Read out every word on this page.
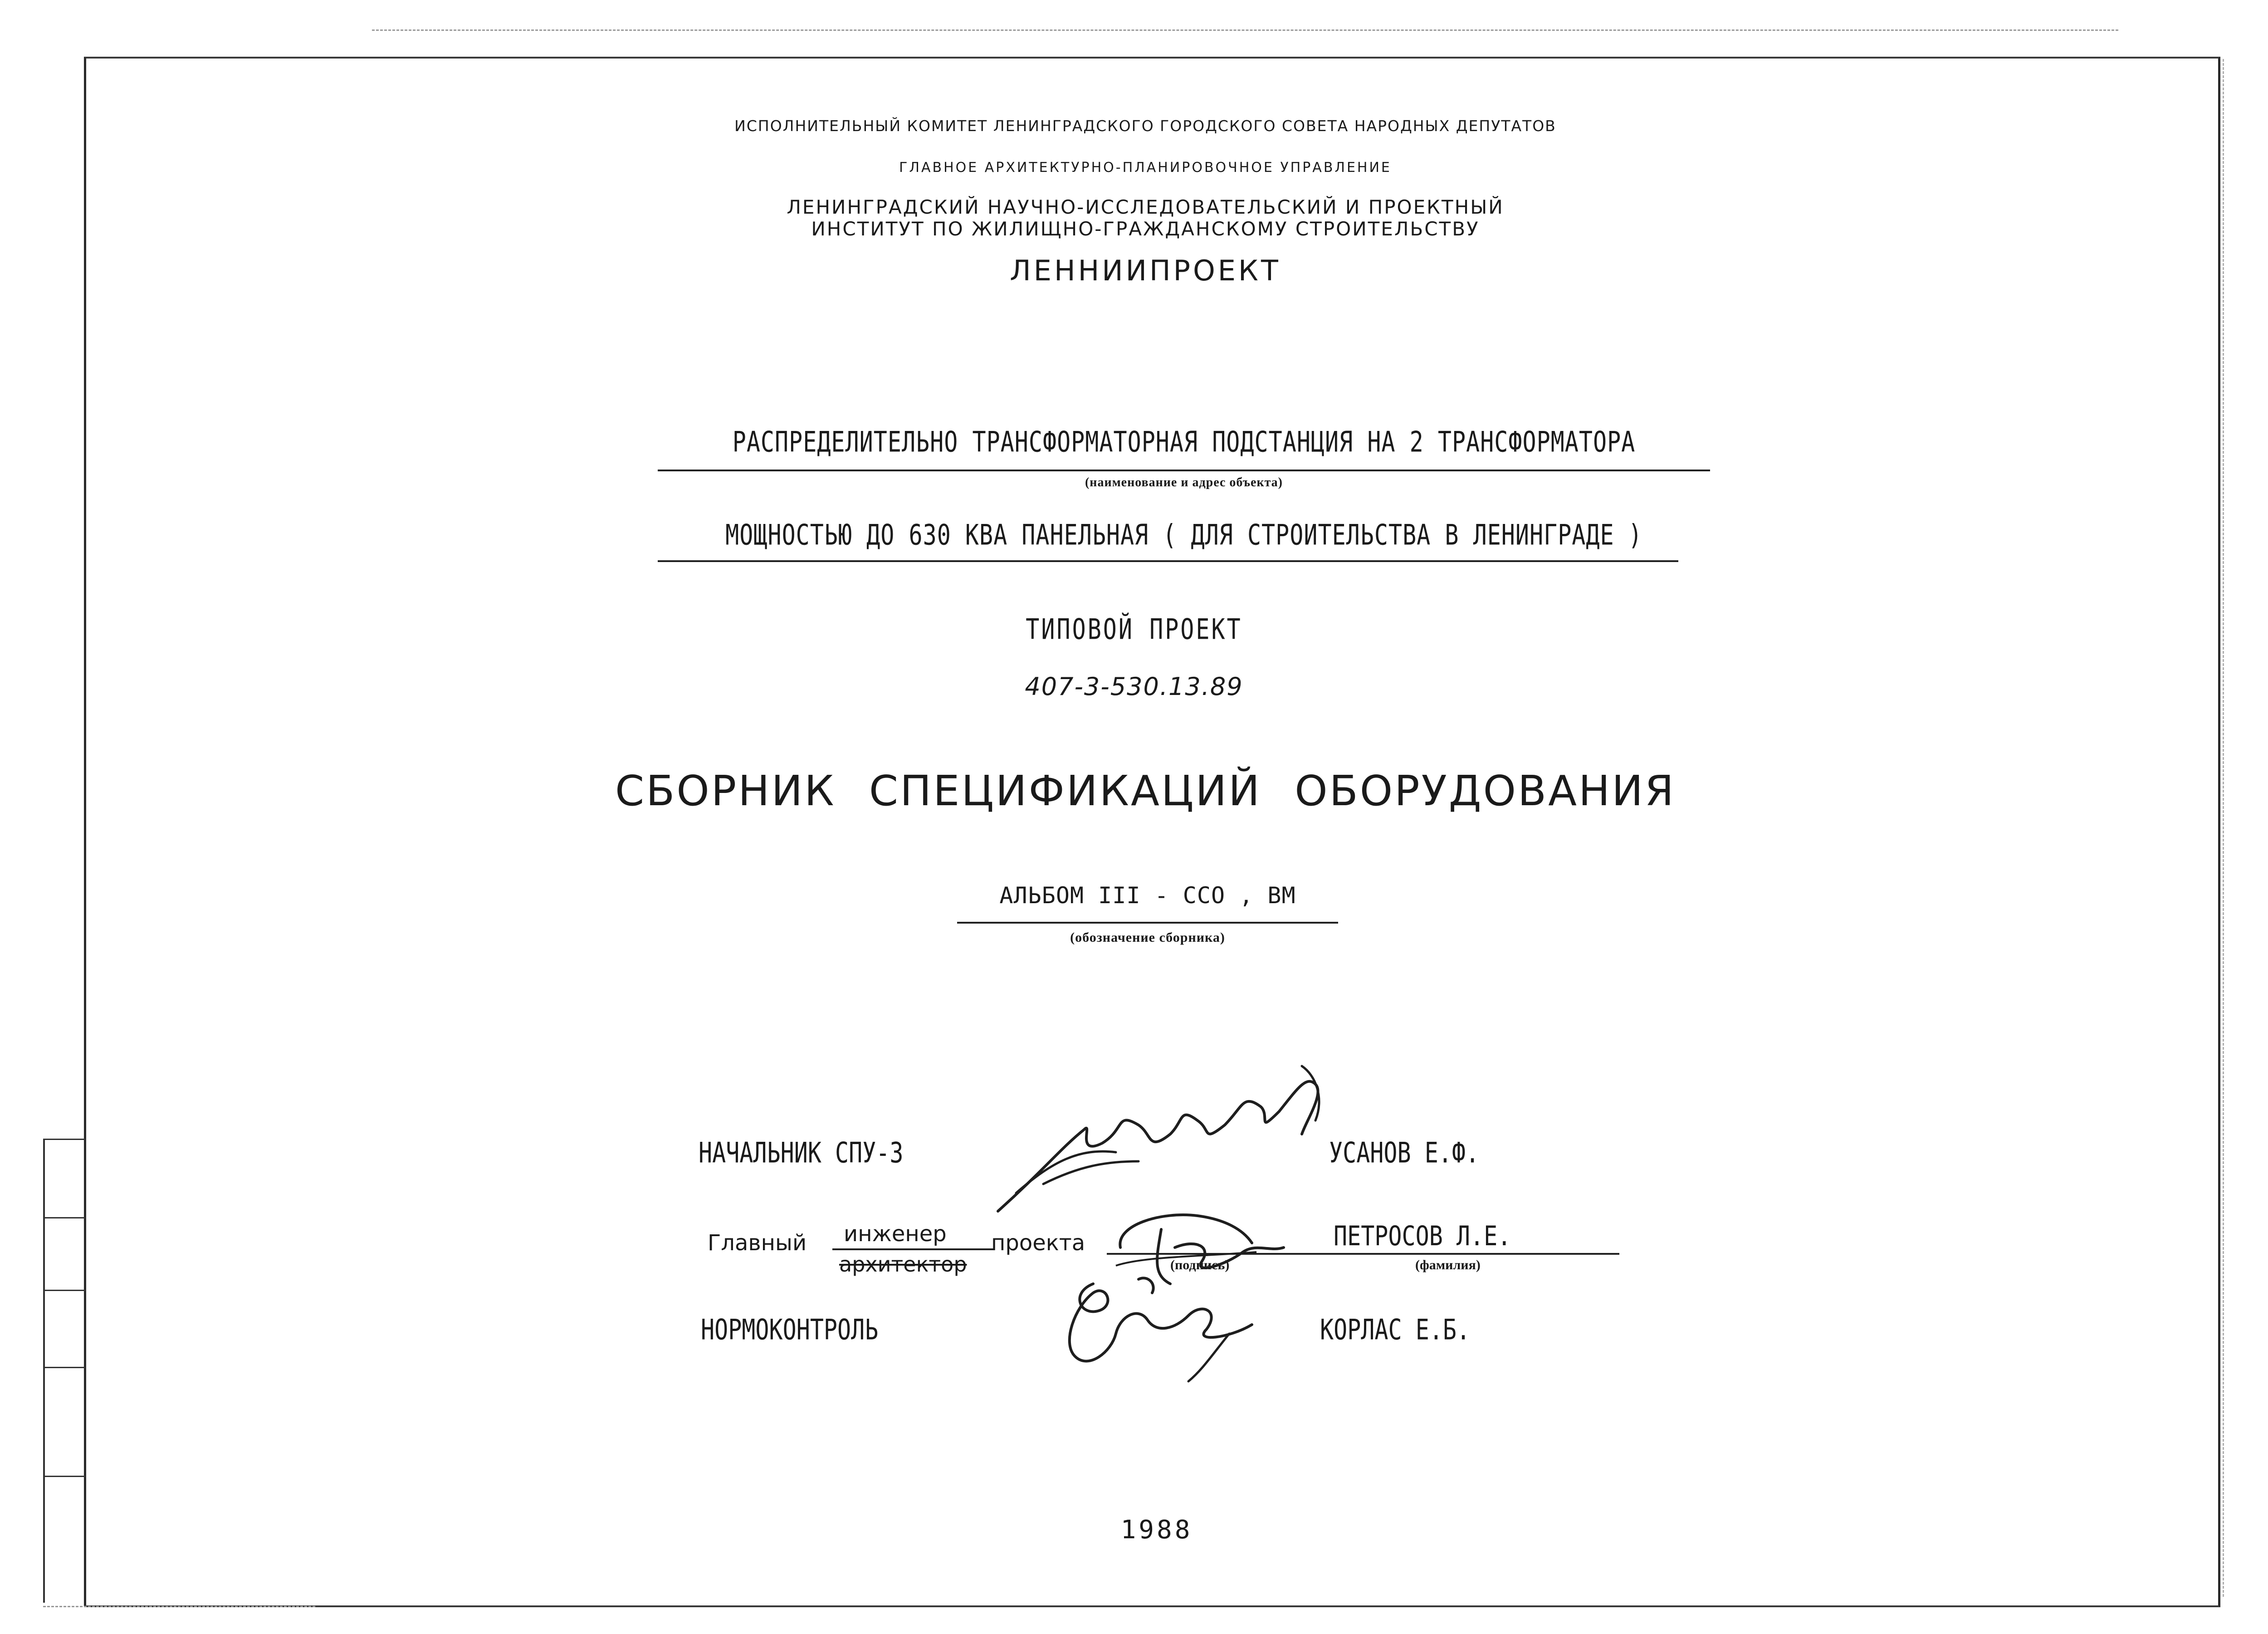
ИСПОЛНИТЕЛЬНЫЙ КОМИТЕТ ЛЕНИНГРАДСКОГО ГОРОДСКОГО СОВЕТА НАРОДНЫХ ДЕПУТАТОВ
ГЛАВНОЕ АРХИТЕКТУРНО-ПЛАНИРОВОЧНОЕ УПРАВЛЕНИЕ
ЛЕНИНГРАДСКИЙ НАУЧНО-ИССЛЕДОВАТЕЛЬСКИЙ И ПРОЕКТНЫЙ
ИНСТИТУТ ПО ЖИЛИЩНО-ГРАЖДАНСКОМУ СТРОИТЕЛЬСТВУ
ЛЕННИИПРОЕКТ
РАСПРЕДЕЛИТЕЛЬНО ТРАНСФОРМАТОРНАЯ ПОДСТАНЦИЯ НА 2 ТРАНСФОРМАТОРА
(наименование и адрес объекта)
МОЩНОСТЬЮ ДО 630 КВА ПАНЕЛЬНАЯ ( ДЛЯ СТРОИТЕЛЬСТВА В ЛЕНИНГРАДЕ )
ТИПОВОЙ ПРОЕКТ
407-3-530.13.89
СБОРНИК СПЕЦИФИКАЦИЙ ОБОРУДОВАНИЯ
АЛЬБОМ III - ССО , ВМ
(обозначение сборника)
НАЧАЛЬНИК СПУ-3	УСАНОВ Е.Ф.
Главный инженер
архитектор
проекта	ПЕТРОСОВ Л.Е.
(подпись)	(фамилия)
НОРМОКОНТРОЛЬ	КОРЛАС Е.Б.
1988
